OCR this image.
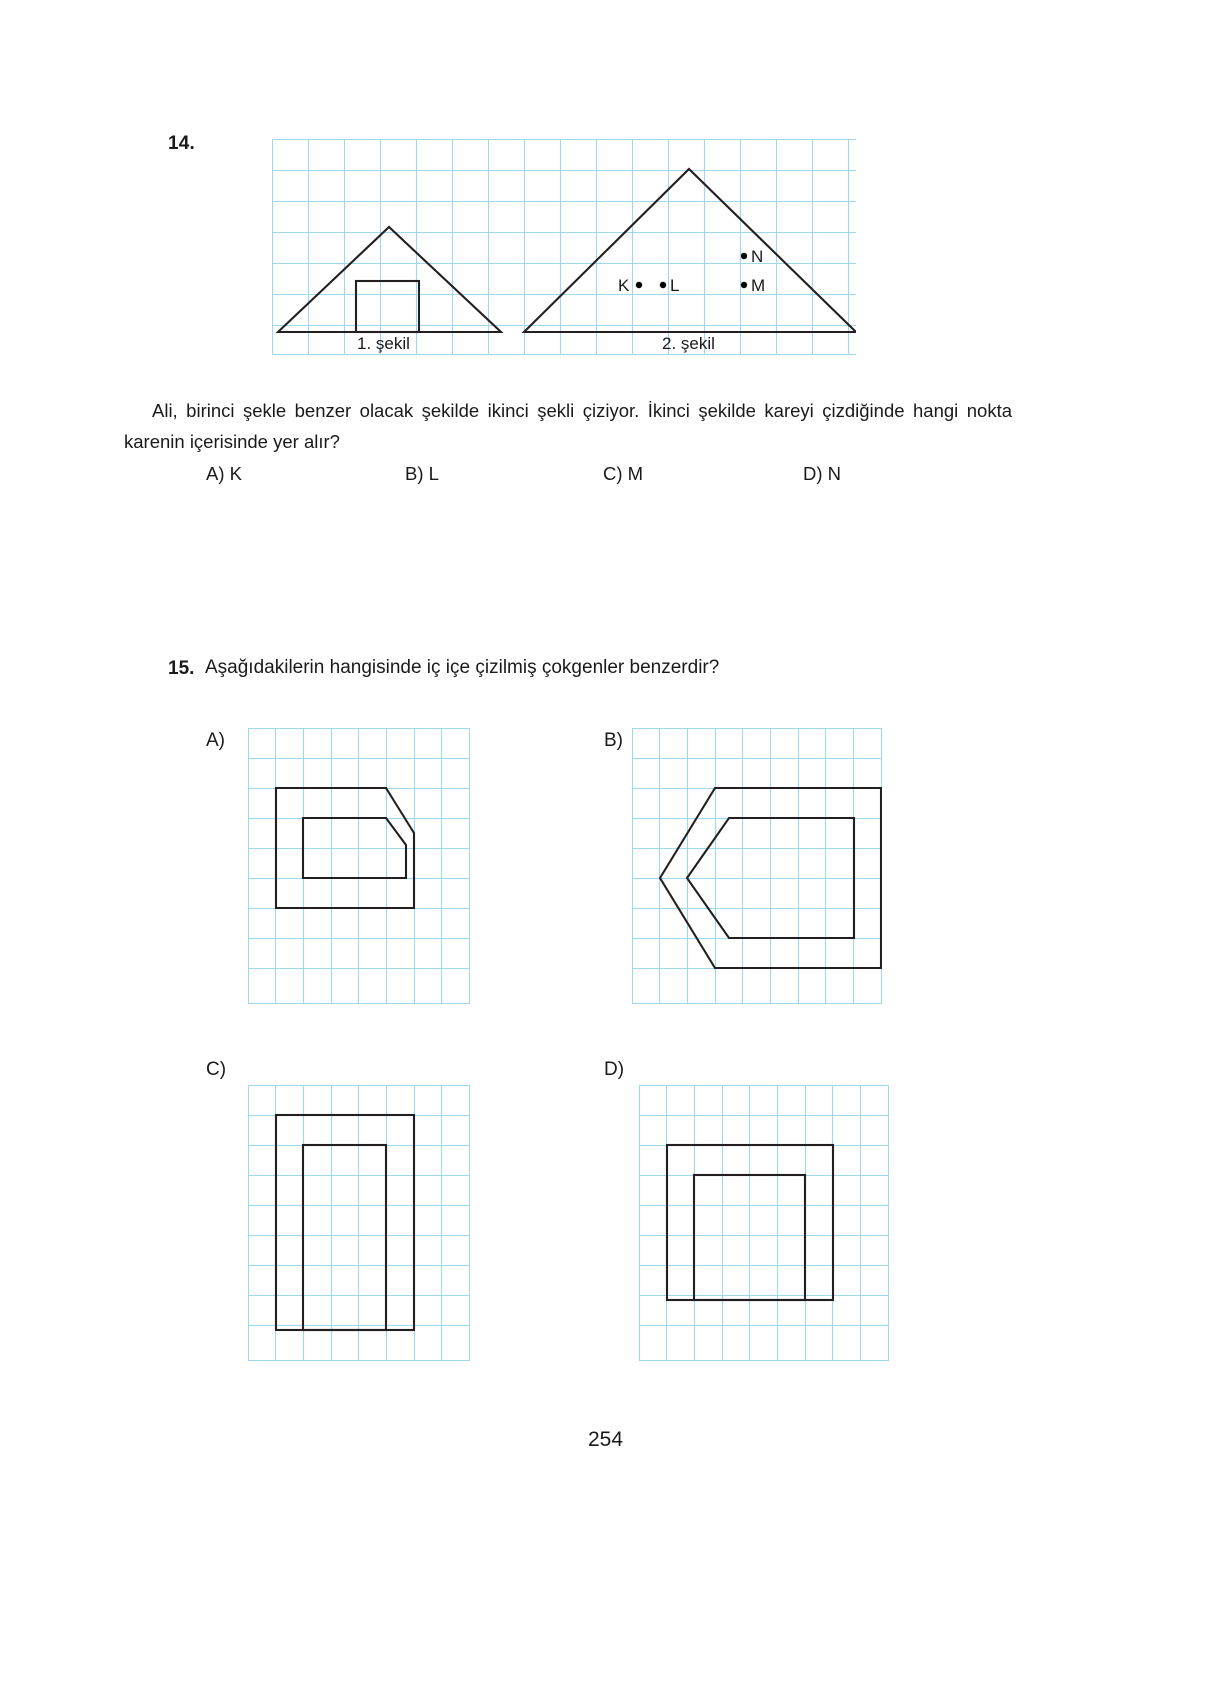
14.
K L	M
N
1. şekil	2. şekil
Ali, birinci şekle benzer olacak şekilde ikinci şekli çiziyor. İkinci şekilde kareyi çizdiğinde hangi nokta karenin içerisinde yer alır?
A) K	B) L	C) M	D) N
15. Aşağıdakilerin hangisinde iç içe çizilmiş çokgenler benzerdir?
A)	B)
C)	D)
254
